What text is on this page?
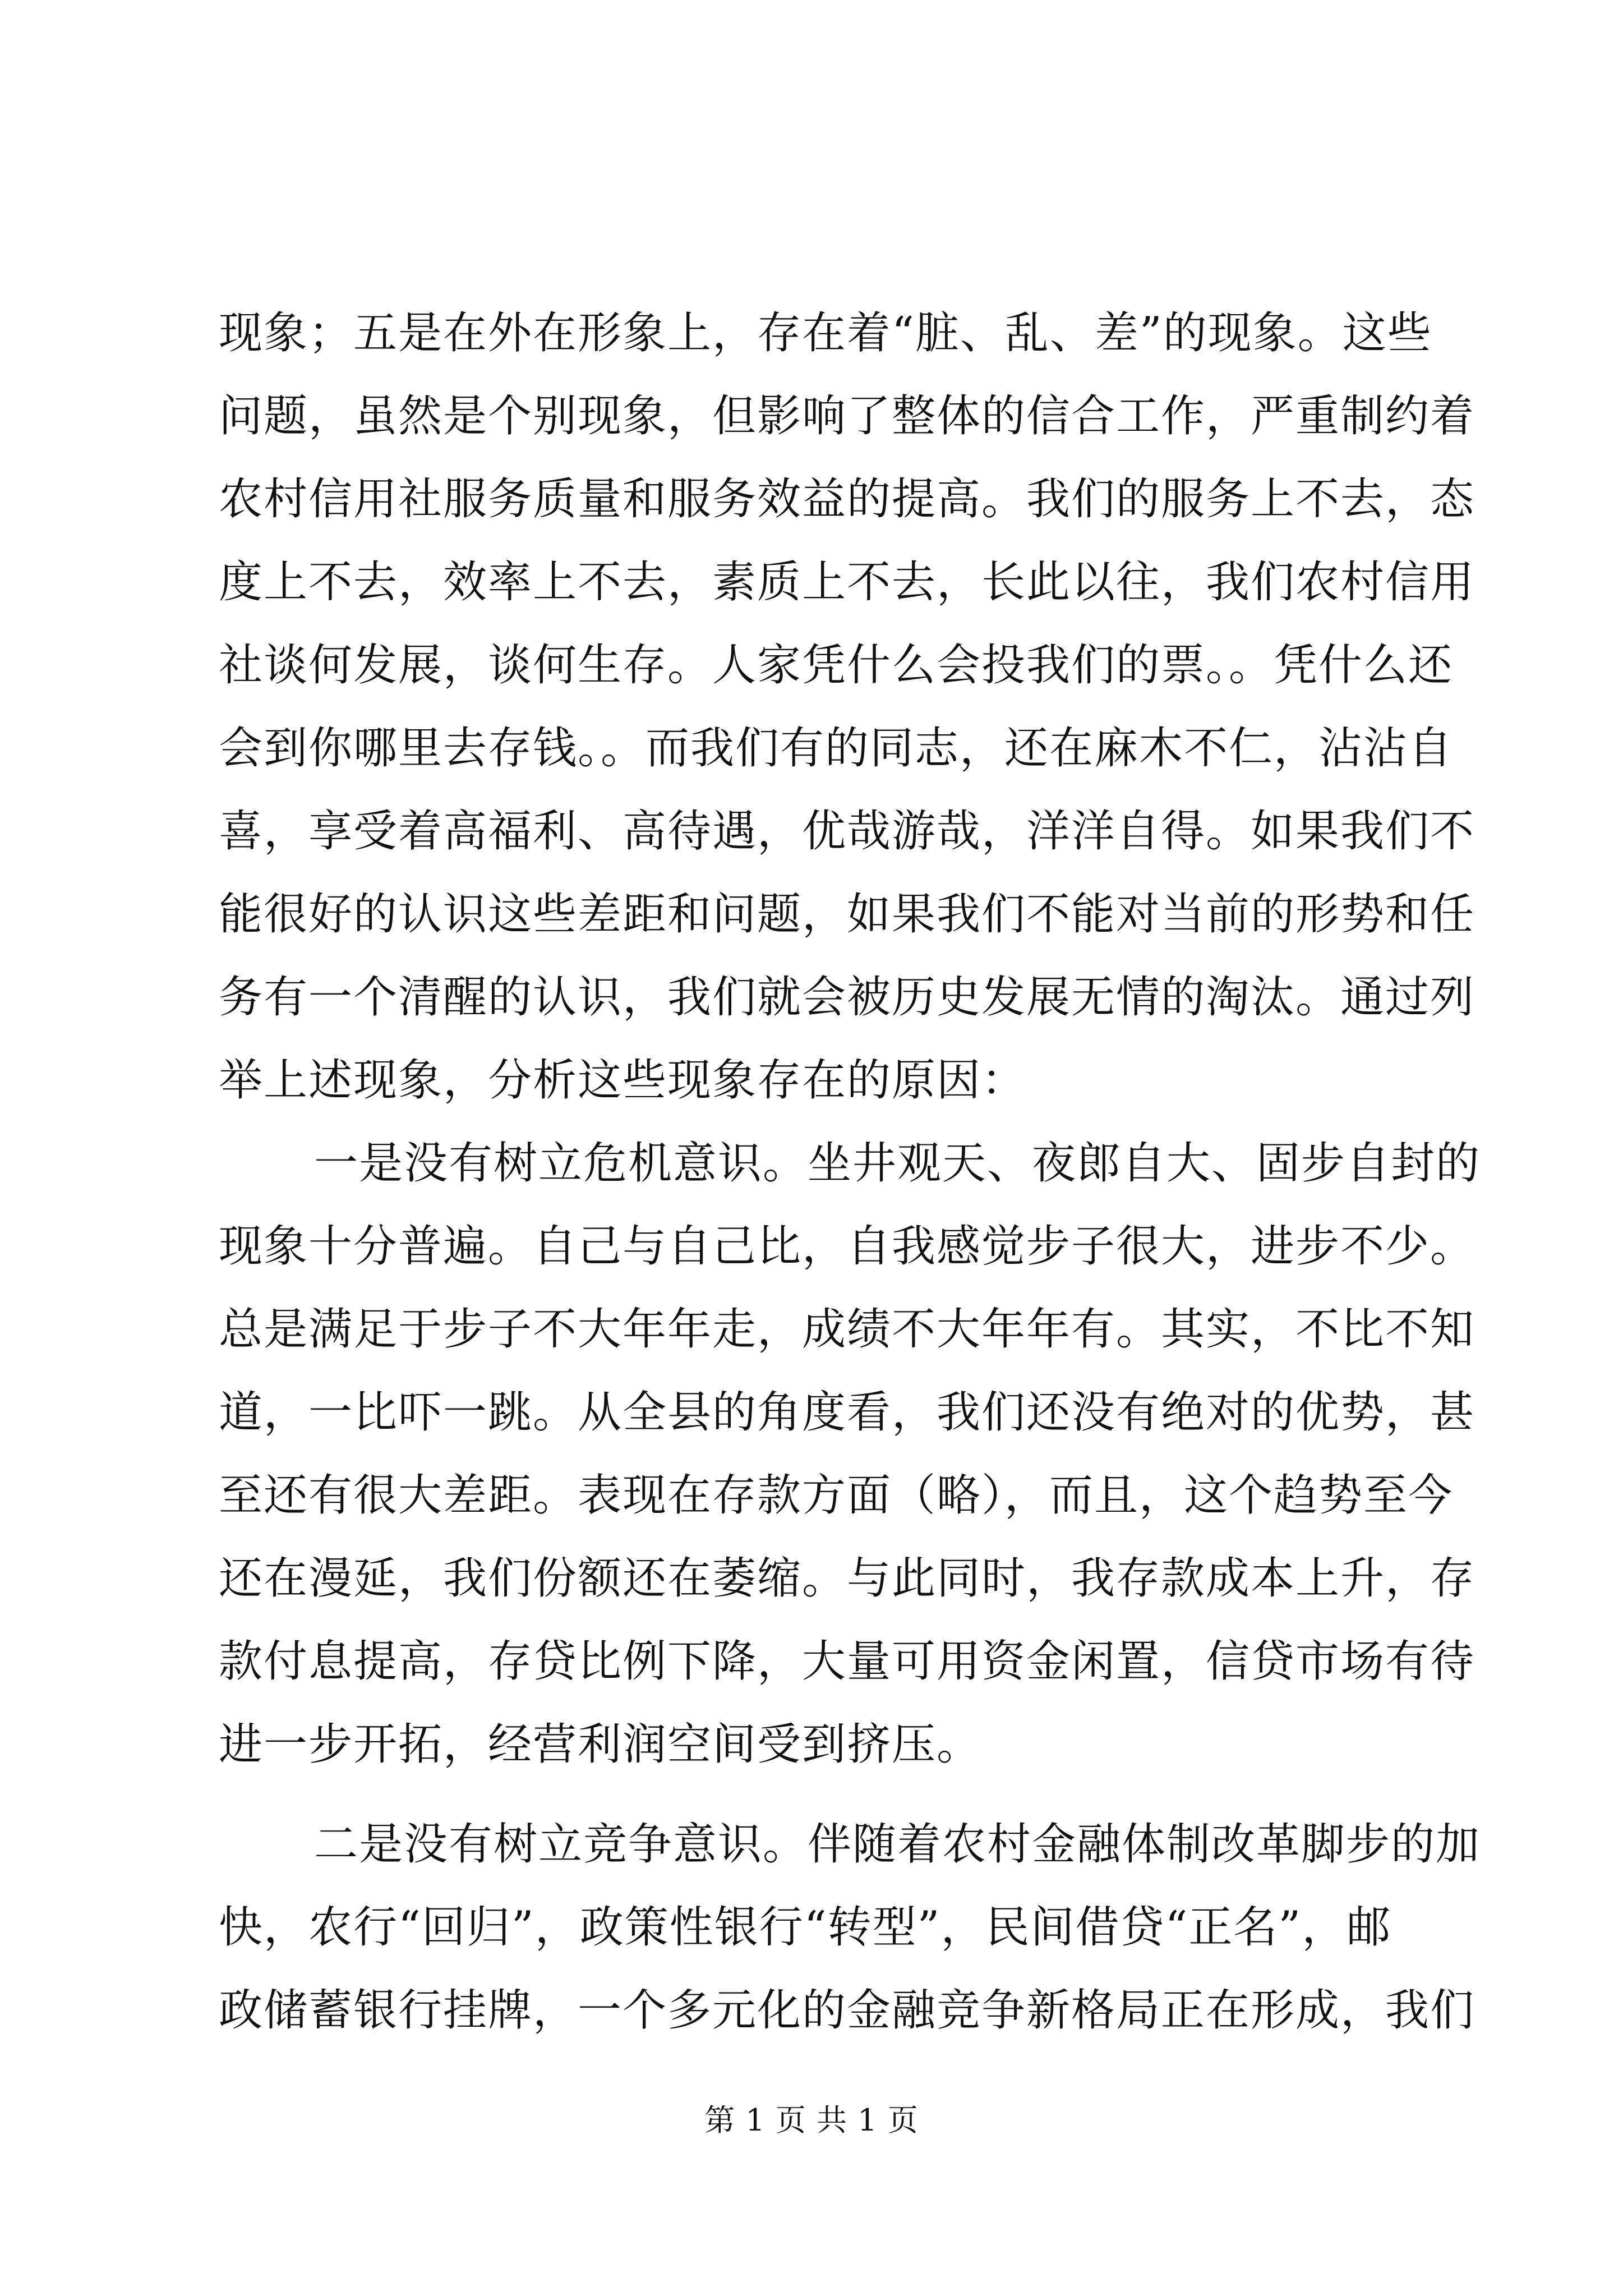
现象；五是在外在形象上，存在着“脏、乱、差”的现象。这些
问题，虽然是个别现象，但影响了整体的信合工作，严重制约着
农村信用社服务质量和服务效益的提高。我们的服务上不去，态
度上不去，效率上不去，素质上不去，长此以往，我们农村信用
社谈何发展，谈何生存。人家凭什么会投我们的票。。凭什么还
会到你哪里去存钱。。而我们有的同志，还在麻木不仁，沾沾自
喜，享受着高福利、高待遇，优哉游哉，洋洋自得。如果我们不
能很好的认识这些差距和问题，如果我们不能对当前的形势和任
务有一个清醒的认识，我们就会被历史发展无情的淘汰。通过列
举上述现象，分析这些现象存在的原因：
一是没有树立危机意识。坐井观天、夜郎自大、固步自封的
现象十分普遍。自己与自己比，自我感觉步子很大，进步不少。
总是满足于步子不大年年走，成绩不大年年有。其实，不比不知
道，一比吓一跳。从全县的角度看，我们还没有绝对的优势，甚
至还有很大差距。表现在存款方面（略），而且，这个趋势至今
还在漫延，我们份额还在萎缩。与此同时，我存款成本上升，存
款付息提高，存贷比例下降，大量可用资金闲置，信贷市场有待
进一步开拓，经营利润空间受到挤压。
二是没有树立竞争意识。伴随着农村金融体制改革脚步的加
快，农行“回归”，政策性银行“转型”，民间借贷“正名”，邮
政储蓄银行挂牌，一个多元化的金融竞争新格局正在形成，我们
第 1 页 共 1 页
